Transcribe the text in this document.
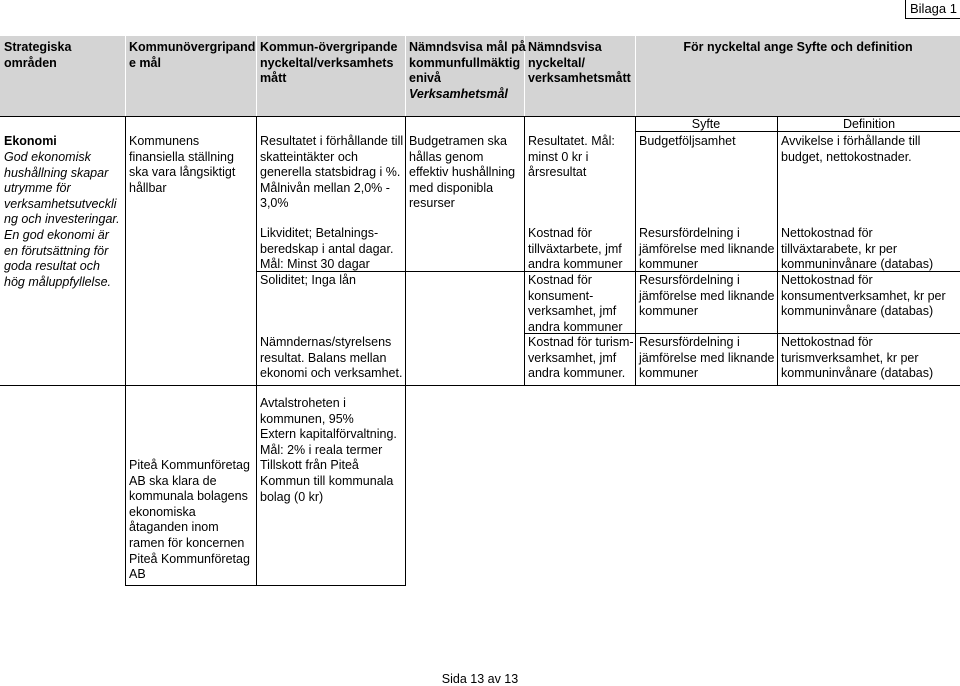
Bilaga 1
Strategiska
områden
Kommunövergripand
e mål
Kommun-övergripande
nyckeltal/verksamhets
mått
Nämndsvisa mål på
kommunfullmäktig
enivå
Verksamhetsmål
Nämndsvisa
nyckeltal/
verksamhetsmått
För nyckeltal ange Syfte och definition
Syfte	Definition
Ekonomi
God ekonomisk
hushållning skapar
utrymme för
verksamhetsutveckli
ng och investeringar.
En god ekonomi är
en förutsättning för
goda resultat och
hög måluppfyllelse.
Kommunens
finansiella ställning
ska vara långsiktigt
hållbar
Piteå Kommunföretag
AB ska klara de
kommunala bolagens
ekonomiska
åtaganden inom
ramen för koncernen
Piteå Kommunföretag
AB
Resultatet i förhållande till
skatteintäkter och
generella statsbidrag i %.
Målnivån mellan 2,0% -
3,0%
Likviditet; Betalnings-
beredskap i antal dagar.
Mål: Minst 30 dagar
Soliditet; Inga lån
Nämndernas/styrelsens
resultat. Balans mellan
ekonomi och verksamhet.
Avtalstroheten i
kommunen, 95%
Extern kapitalförvaltning.
Mål: 2% i reala termer
Tillskott från Piteå
Kommun till kommunala
bolag (0 kr)
Budgetramen ska
hållas genom
effektiv hushållning
med disponibla
resurser
Resultatet. Mål:
minst 0 kr i
årsresultat
Kostnad för
tillväxtarbete, jmf
andra kommuner
Kostnad för
konsument-
verksamhet, jmf
andra kommuner
Kostnad för turism-
verksamhet, jmf
andra kommuner.
Budgetföljsamhet
Resursfördelning i
jämförelse med liknande
kommuner
Resursfördelning i
jämförelse med liknande
kommuner
Resursfördelning i
jämförelse med liknande
kommuner
Avvikelse i förhållande till
budget, nettokostnader.
Nettokostnad för
tillväxtarabete, kr per
kommuninvånare (databas)
Nettokostnad för
konsumentverksamhet, kr per
kommuninvånare (databas)
Nettokostnad för
turismverksamhet, kr per
kommuninvånare (databas)
Sida 13 av 13
